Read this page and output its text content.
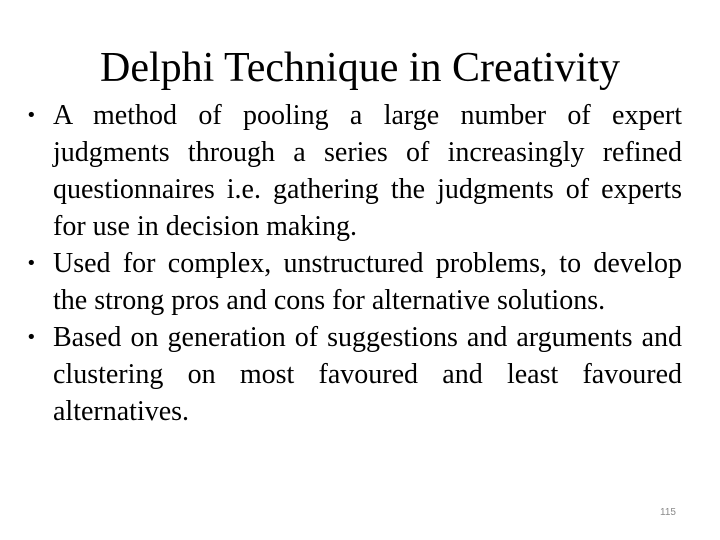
Delphi Technique in Creativity
• A method of pooling a large number of expert judgments through a series of increasingly refined questionnaires i.e. gathering the judgments of experts for use in decision making.
• Used for complex, unstructured problems, to develop the strong pros and cons for alternative solutions.
• Based on generation of suggestions and arguments and clustering on most favoured and least favoured alternatives.
115
